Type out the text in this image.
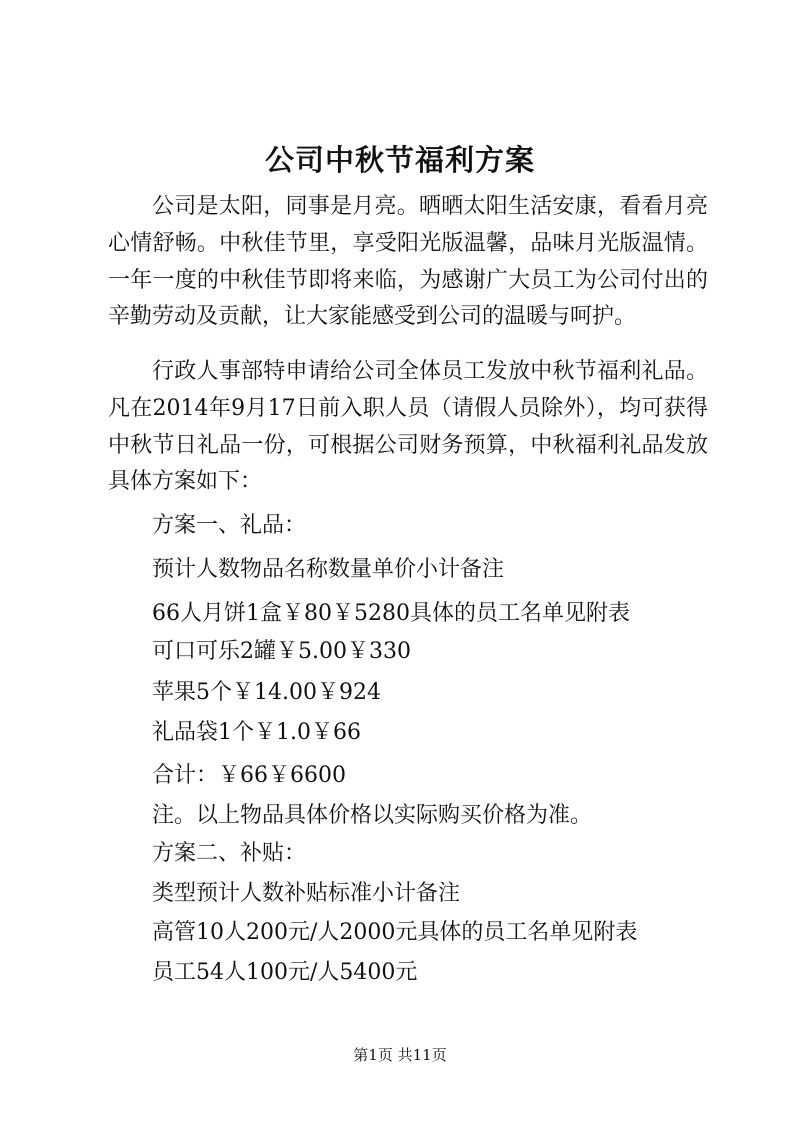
公司中秋节福利方案
公司是太阳，同事是月亮。晒晒太阳生活安康，看看月亮心情舒畅。中秋佳节里，享受阳光版温馨，品味月光版温情。一年一度的中秋佳节即将来临，为感谢广大员工为公司付出的辛勤劳动及贡献，让大家能感受到公司的温暖与呵护。
行政人事部特申请给公司全体员工发放中秋节福利礼品。凡在2014年9月17日前入职人员（请假人员除外），均可获得中秋节日礼品一份，可根据公司财务预算，中秋福利礼品发放具体方案如下：
方案一、礼品：
预计人数物品名称数量单价小计备注
66人月饼1盒￥80￥5280具体的员工名单见附表
可口可乐2罐￥5.00￥330
苹果5个￥14.00￥924
礼品袋1个￥1.0￥66
合计：￥66￥6600
注。以上物品具体价格以实际购买价格为准。
方案二、补贴：
类型预计人数补贴标准小计备注
高管10人200元/人2000元具体的员工名单见附表
员工54人100元/人5400元
第1页 共11页
